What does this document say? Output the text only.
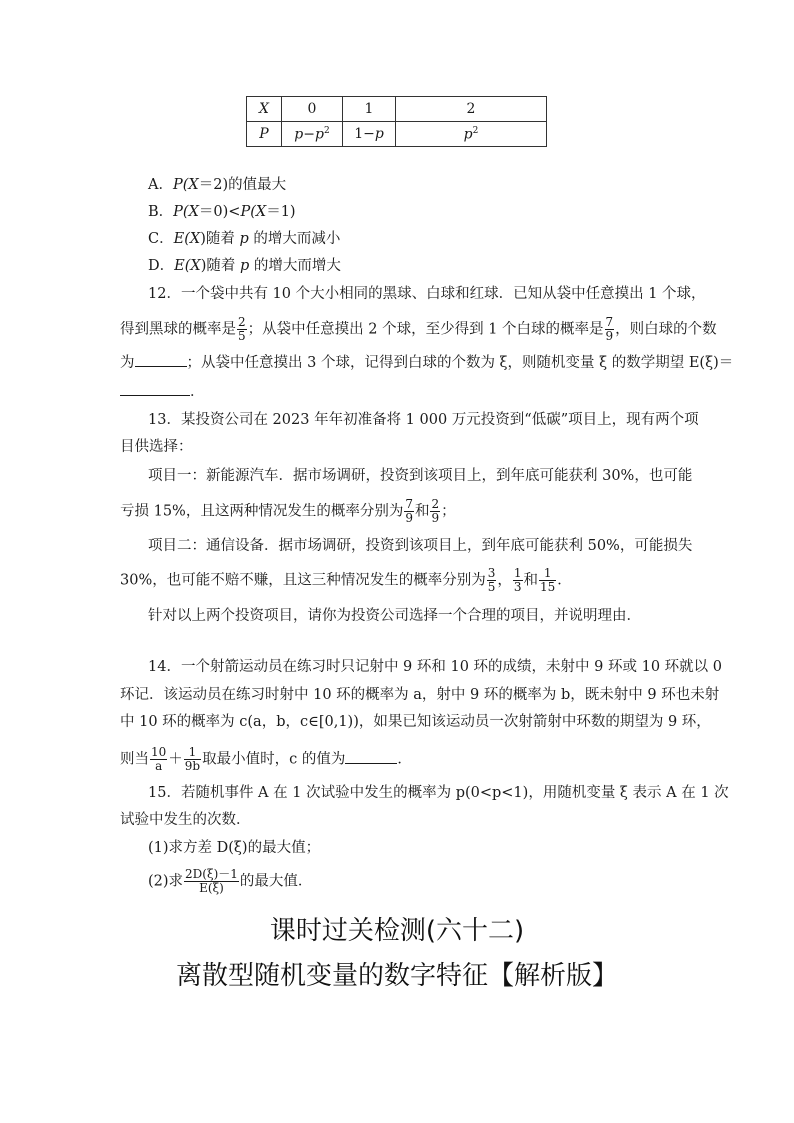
X	0	1	2
P	$p-p^2$	1−p	$p^2$
A．P(X＝2)的值最大
B．P(X＝0)<P(X＝1)
C．E(X)随着 p 的增大而减小
D．E(X)随着 p 的增大而增大
12．一个袋中共有 10 个大小相同的黑球、白球和红球．已知从袋中任意摸出 1 个球，
得到黑球的概率是 $\frac{2}{5}$ ；从袋中任意摸出 2 个球，至少得到 1 个白球的概率是 $\frac{7}{9}$ ，则白球的个数
为	；从袋中任意摸出 3 个球，记得到白球的个数为 ξ，则随机变量 ξ 的数学期望 E(ξ)＝
．
13．某投资公司在 2023 年年初准备将 1 000 万元投资到“低碳”项目上，现有两个项
目供选择：
项目一：新能源汽车．据市场调研，投资到该项目上，到年底可能获利 30%，也可能
亏损 15%，且这两种情况发生的概率分别为 $\frac{7}{9}$ 和 $\frac{2}{9}$ ；
项目二：通信设备．据市场调研，投资到该项目上，到年底可能获利 50%，可能损失
30%，也可能不赔不赚，且这三种情况发生的概率分别为 $\frac{3}{5}$ ， $\frac{1}{3}$ 和 $\frac{1}{15}$ ．
针对以上两个投资项目，请你为投资公司选择一个合理的项目，并说明理由．
14．一个射箭运动员在练习时只记射中 9 环和 10 环的成绩，未射中 9 环或 10 环就以 0
环记．该运动员在练习时射中 10 环的概率为 a，射中 9 环的概率为 b，既未射中 9 环也未射
中 10 环的概率为 c(a，b，c∈[0,1))，如果已知该运动员一次射箭射中环数的期望为 9 环，
则当 $\frac{10}{a} + \frac{1}{9b}$ 取最小值时，c 的值为	．
15．若随机事件 A 在 1 次试验中发生的概率为 p(0<p<1)，用随机变量 ξ 表示 A 在 1 次
试验中发生的次数．
(1)求方差 D(ξ)的最大值；
(2)求 $\frac{2D(\xi)-1}{E(\xi)}$ 的最大值．
课时过关检测(六十二)
离散型随机变量的数字特征【解析版】
